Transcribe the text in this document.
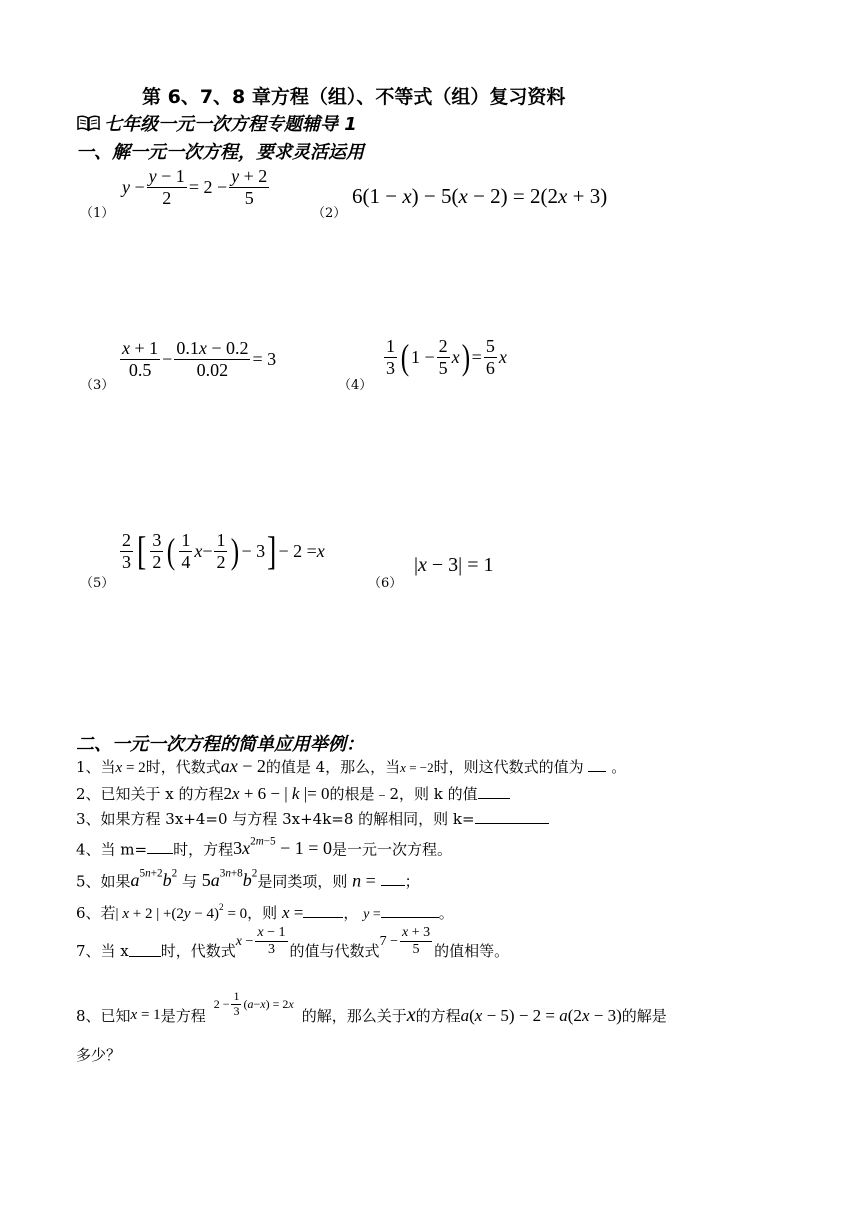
第 6、7、8 章方程（组）、不等式（组）复习资料
七年级一元一次方程专题辅导 1
一、解一元一次方程，要求灵活运用
（1）
$y - \frac{y - 1}{2} = 2 - \frac{y + 2}{5}$
（2）
6(1 − x) − 5(x − 2) = 2(2x + 3)
（3）
$\frac{x + 1}{0.5} - \frac{0.1x - 0.2}{0.02} = 3$
（4）
$\frac{1}{3}$ ( $1 - \frac{2}{5}$ x ) = $\frac{5}{6}$ x
（5）
$\frac{2}{3}$ [ $\frac{3}{2}$ ( $\frac{1}{4}$ $x - \frac{1}{2}$ ) − 3 ] − 2 = x
（6）
|x − 3| = 1
二、一元一次方程的简单应用举例：
1、当x = 2时，代数式ax − 2的值是 4，那么，当x = −2时，则这代数式的值为 。
2、已知关于 x 的方程2x + 6 − | k |= 0的根是﹣2，则 k 的值
3、如果方程 3x+4=0 与方程 3x+4k=8 的解相同，则 k=
4、当 m= 时，方程$3x^{2m-5} - 1 = 0$是一元一次方程。
5、如果$a^{5n+2}b^2$ 与 $5a^{3n+8}b^2$是同类项，则 n = ；
6、若| x + 2 | $+(2y - 4)^2 = 0$，则 x =	， y =	。
7、当 x 时，代数式
$x - \frac{x - 1}{3}$ 的值与代数式
$7 - \frac{x + 3}{5}$ 的值相等。
8、已知 x = 1 是方程
$2 - \frac{1}{3}$ ( a − x ) = 2 x
的解，那么关于 x 的方程 a(x − 5) − 2 = a(2x − 3) 的解是
多少？
